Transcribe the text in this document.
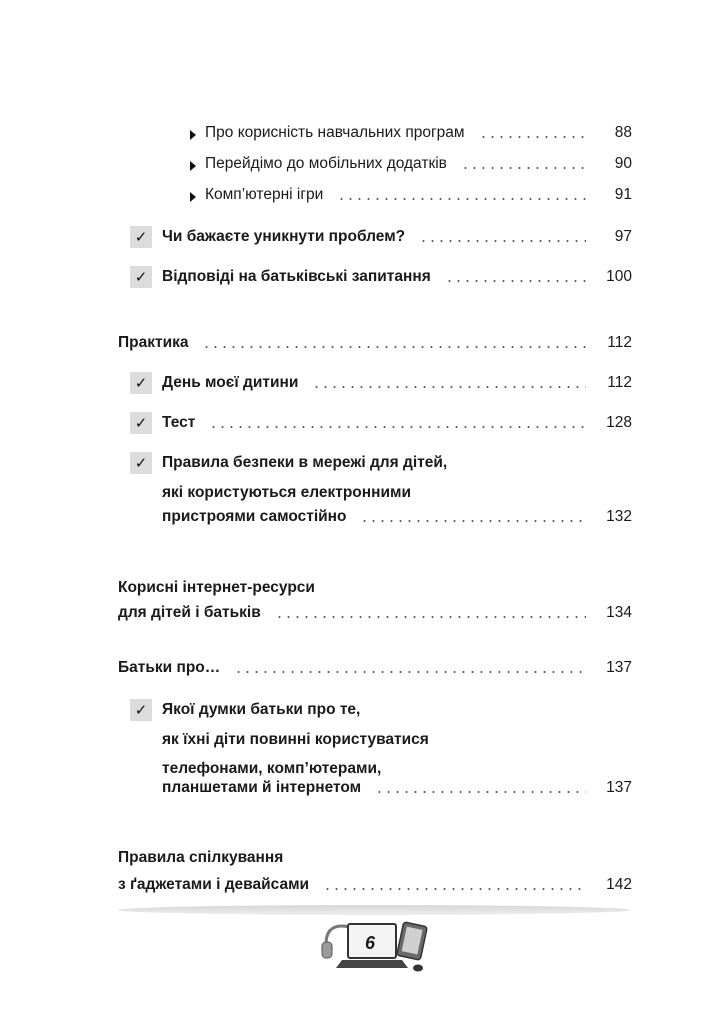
Про корисність навчальних програм	88
Перейдімо до мобільних додатків	90
Комп’ютерні ігри	91
✓ Чи бажаєте уникнути проблем?	97
✓ Відповіді на батьківські запитання	100
Практика	112
✓ День моєї дитини	112
✓ Тест	128
✓ Правила безпеки в мережі для дітей,
які користуються електронними
пристроями самостійно	132
Корисні інтернет-ресурси
для дітей і батьків	134
Батьки про…	137
✓ Якої думки батьки про те,
як їхні діти повинні користуватися
телефонами, комп’ютерами,
планшетами й інтернетом	137
Правила спілкування
з ґаджетами і девайсами	142
6
